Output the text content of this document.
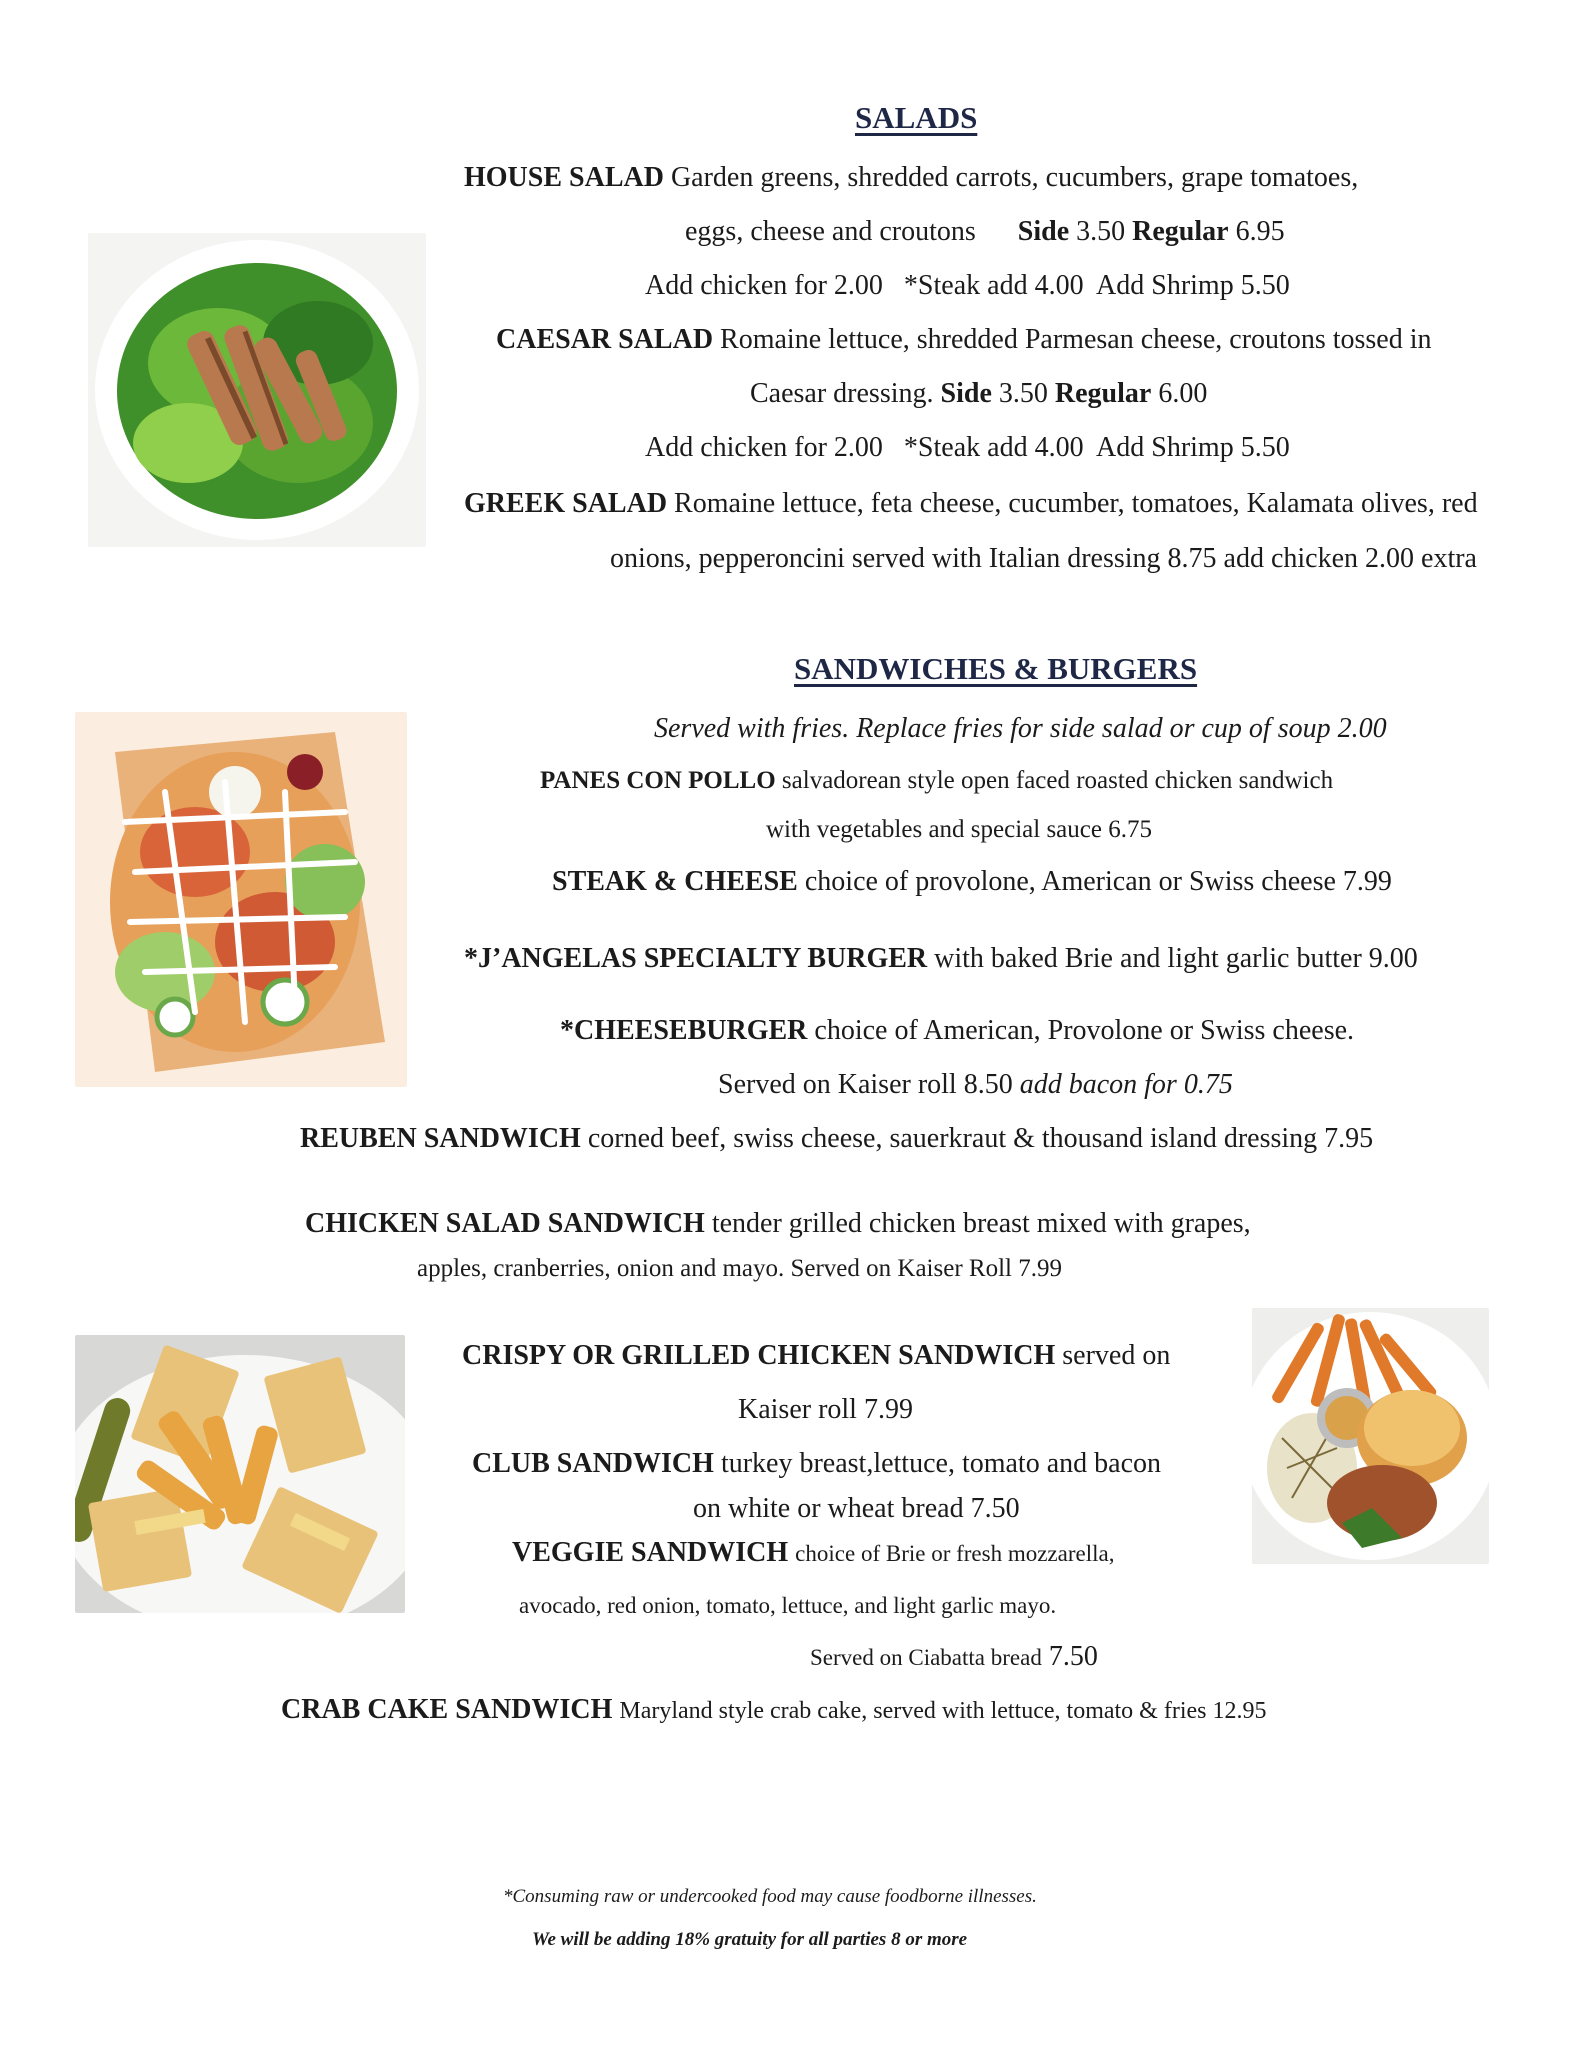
SALADS
HOUSE SALAD Garden greens, shredded carrots, cucumbers, grape tomatoes,
eggs, cheese and croutons Side 3.50 Regular 6.95
Add chicken for 2.00   *Steak add 4.00  Add Shrimp 5.50
CAESAR SALAD Romaine lettuce, shredded Parmesan cheese, croutons tossed in
Caesar dressing. Side 3.50 Regular 6.00
Add chicken for 2.00   *Steak add 4.00  Add Shrimp 5.50
GREEK SALAD Romaine lettuce, feta cheese, cucumber, tomatoes, Kalamata olives, red
onions, pepperoncini served with Italian dressing 8.75 add chicken 2.00 extra
SANDWICHES & BURGERS
Served with fries. Replace fries for side salad or cup of soup 2.00
PANES CON POLLO salvadorean style open faced roasted chicken sandwich
with vegetables and special sauce 6.75
STEAK & CHEESE choice of provolone, American or Swiss cheese 7.99
*J’ANGELAS SPECIALTY BURGER with baked Brie and light garlic butter 9.00
*CHEESEBURGER choice of American, Provolone or Swiss cheese.
Served on Kaiser roll 8.50 add bacon for 0.75
REUBEN SANDWICH corned beef, swiss cheese, sauerkraut & thousand island dressing 7.95
CHICKEN SALAD SANDWICH tender grilled chicken breast mixed with grapes,
apples, cranberries, onion and mayo. Served on Kaiser Roll 7.99
CRISPY OR GRILLED CHICKEN SANDWICH served on
Kaiser roll 7.99
CLUB SANDWICH turkey breast,lettuce, tomato and bacon
on white or wheat bread 7.50
VEGGIE SANDWICH choice of Brie or fresh mozzarella,
avocado, red onion, tomato, lettuce, and light garlic mayo.
Served on Ciabatta bread 7.50
CRAB CAKE SANDWICH Maryland style crab cake, served with lettuce, tomato & fries 12.95
*Consuming raw or undercooked food may cause foodborne illnesses.
We will be adding 18% gratuity for all parties 8 or more
